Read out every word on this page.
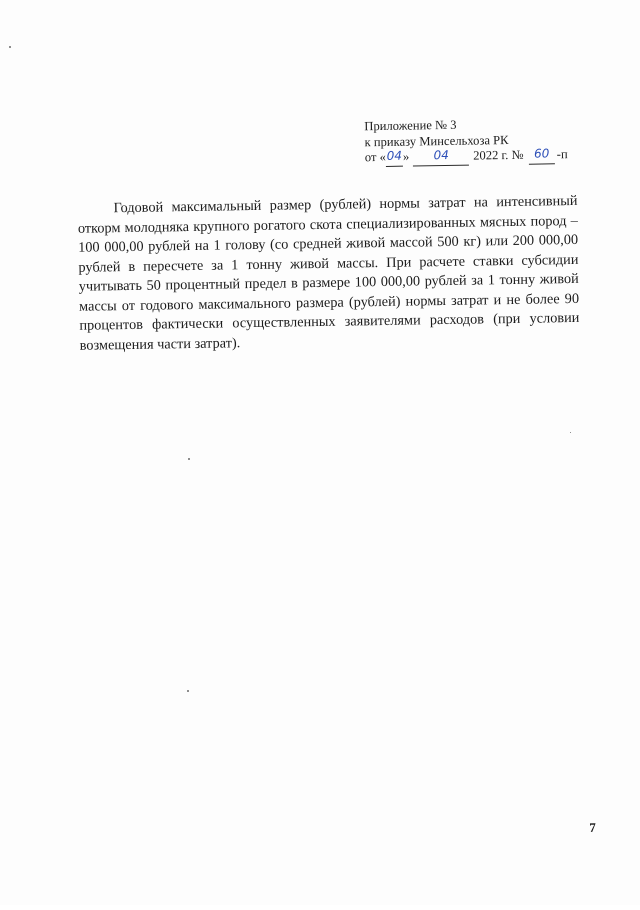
Приложение № 3
к приказу Минсельхоза РК
от «04» 04 2022 г. № 60 -п

Годовой максимальный размер (рублей) нормы затрат на интенсивный откорм молодняка крупного рогатого скота специализированных мясных пород – 100 000,00 рублей на 1 голову (со средней живой массой 500 кг) или 200 000,00 рублей в пересчете за 1 тонну живой массы. При расчете ставки субсидии учитывать 50 процентный предел в размере 100 000,00 рублей за 1 тонну живой массы от годового максимального размера (рублей) нормы затрат и не более 90 процентов фактически осуществленных заявителями расходов (при условии возмещения части затрат).

7
